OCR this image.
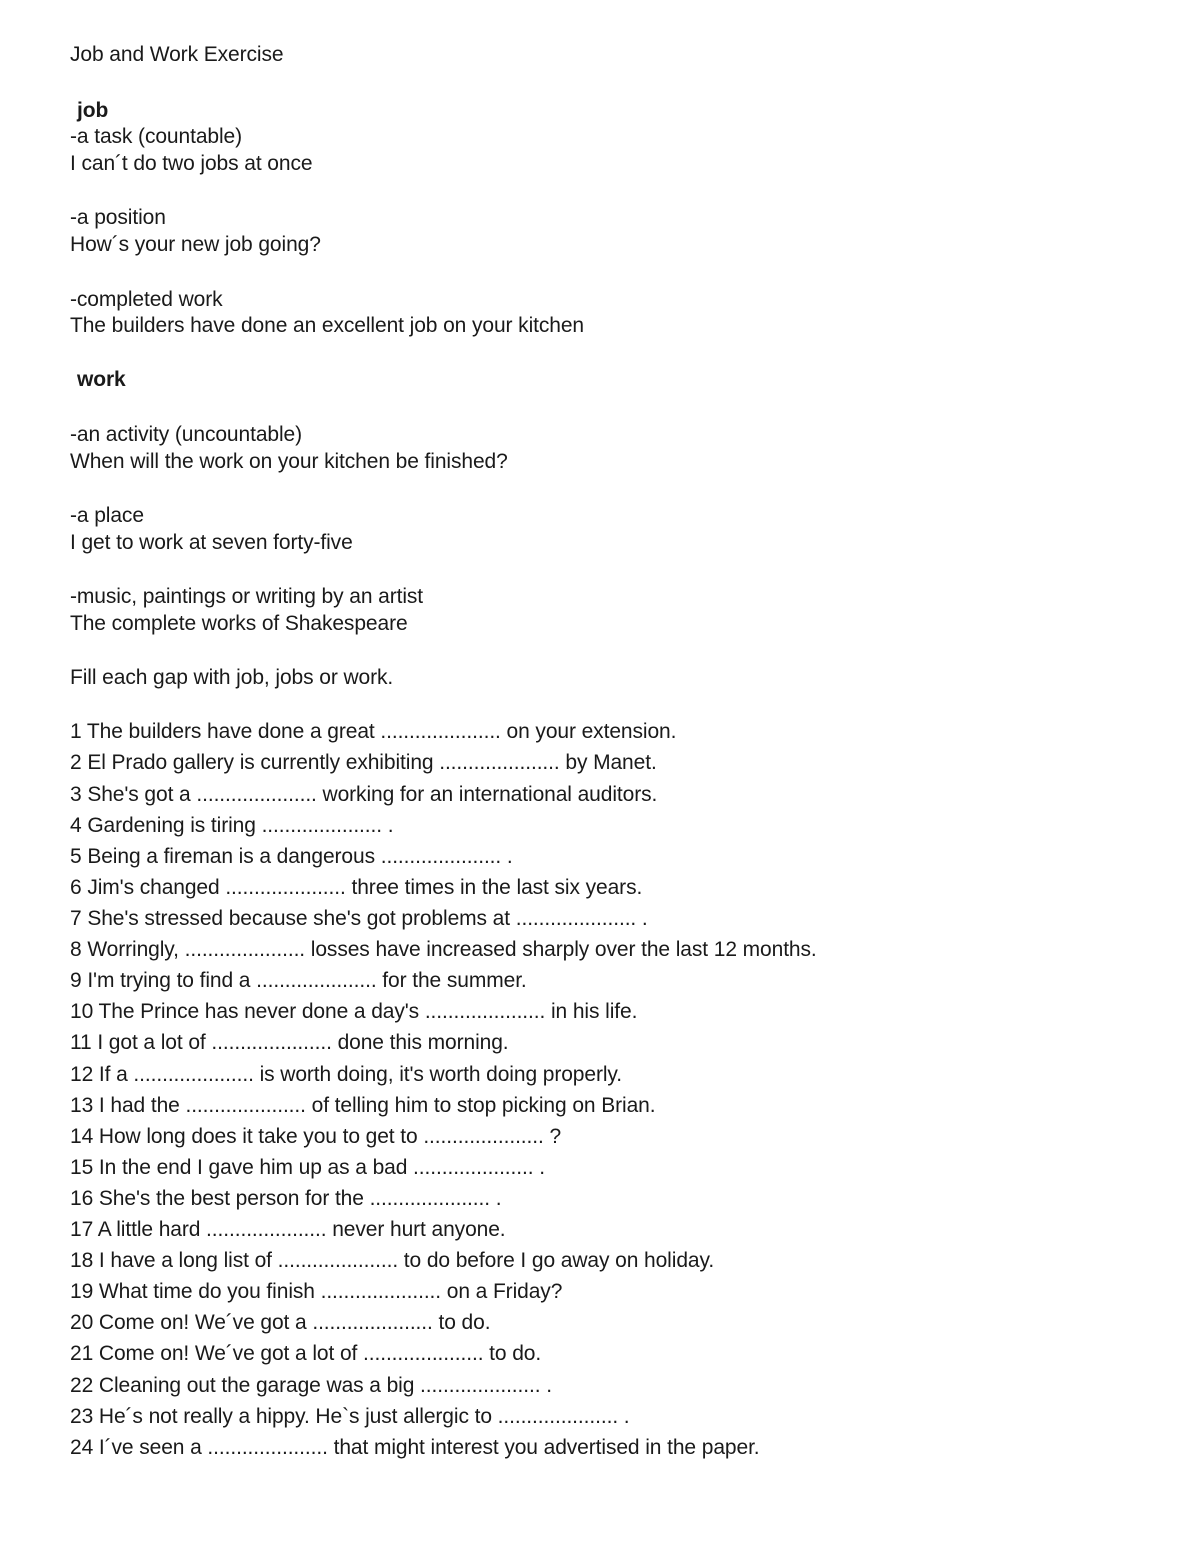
Job and Work Exercise
job
-a task (countable)
I can´t do two jobs at once
-a position
How´s your new job going?
-completed work
The builders have done an excellent job on your kitchen
work
-an activity (uncountable)
When will the work on your kitchen be finished?
-a place
I get to work at seven forty-five
-music, paintings or writing by an artist
The complete works of Shakespeare
Fill each gap with job, jobs or work.
1 The builders have done a great ..................... on your extension.
2 El Prado gallery is currently exhibiting ..................... by Manet.
3 She's got a ..................... working for an international auditors.
4 Gardening is tiring ..................... .
5 Being a fireman is a dangerous ..................... .
6 Jim's changed ..................... three times in the last six years.
7 She's stressed because she's got problems at ..................... .
8 Worringly, ..................... losses have increased sharply over the last 12 months.
9 I'm trying to find a ..................... for the summer.
10 The Prince has never done a day's ..................... in his life.
11 I got a lot of ..................... done this morning.
12 If a ..................... is worth doing, it's worth doing properly.
13 I had the ..................... of telling him to stop picking on Brian.
14 How long does it take you to get to ..................... ?
15 In the end I gave him up as a bad ..................... .
16 She's the best person for the ..................... .
17 A little hard ..................... never hurt anyone.
18 I have a long list of ..................... to do before I go away on holiday.
19 What time do you finish ..................... on a Friday?
20 Come on! We´ve got a ..................... to do.
21 Come on! We´ve got a lot of ..................... to do.
22 Cleaning out the garage was a big ..................... .
23 He´s not really a hippy. He`s just allergic to ..................... .
24 I´ve seen a ..................... that might interest you advertised in the paper.
